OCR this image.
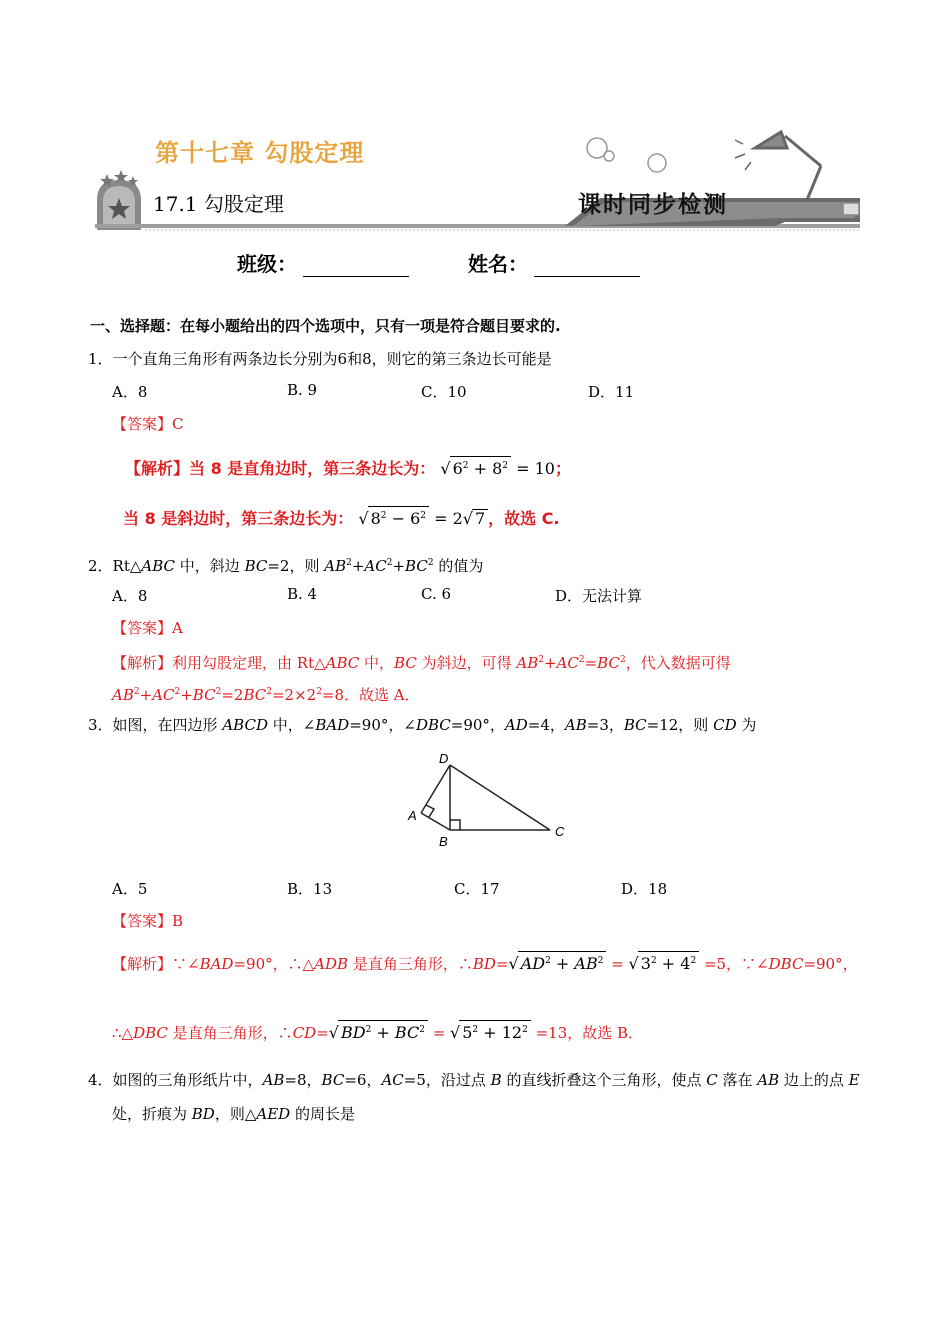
第十七章 勾股定理
17.1 勾股定理	课时同步检测
班级：	姓名：
一、选择题：在每小题给出的四个选项中，只有一项是符合题目要求的.
1．一个直角三角形有两条边长分别为6和8，则它的第三条边长可能是
A．8	B. 9	C．10	D．11
【答案】C
【解析】当 8 是直角边时，第三条边长为： √ $6^2 + 8^2 = 10$；
当 8 是斜边时，第三条边长为： √ $8^2 - 6^2 = 2√$ 7 ，故选 C.
2．Rt△ABC 中，斜边 BC=2，则 $AB^2+AC^2+BC^2$ 的值为
A．8	B. 4	C. 6	D．无法计算
【答案】A
【解析】利用勾股定理，由 Rt△ABC 中，BC 为斜边，可得 $AB^2+AC^2=BC^2$，代入数据可得
$AB^2+AC^2+BC^2=2BC^2=2\times 2^2=8$．故选 A．
3．如图，在四边形 ABCD 中，∠BAD=90°，∠DBC=90°，AD=4，AB=3，BC=12，则 CD 为
D
A
B
C
A．5	B．13	C．17	D．18
【答案】B
【解析】∵∠BAD=90°，∴△ADB 是直角三角形，∴BD=√ $AD^2 + AB^2$ = √ $3^2 + 4^2 =5$，∵∠DBC=90°，
∴△DBC 是直角三角形，∴CD=√ $BD^2 + BC^2$ = √ $5^2 + 12^2 =13$，故选 B．
4．如图的三角形纸片中，AB=8，BC=6，AC=5，沿过点 B 的直线折叠这个三角形，使点 C 落在 AB 边上的点 E
处，折痕为 BD，则△AED 的周长是
